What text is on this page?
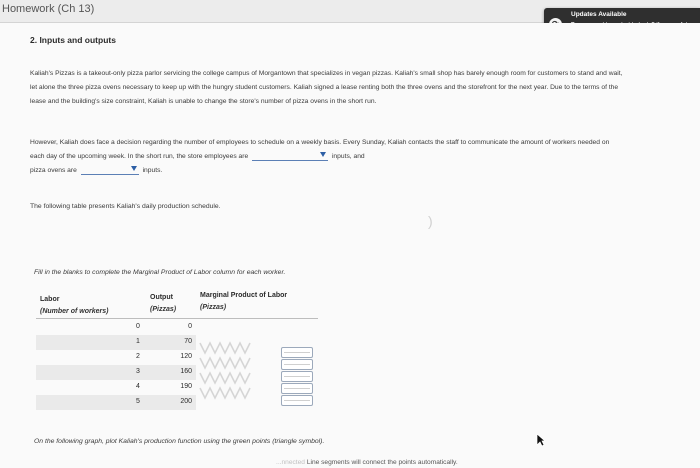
Homework (Ch 13)	Updates Available
2. Inputs and outputs
Kaliah's Pizzas is a takeout-only pizza parlor servicing the college campus of Morgantown that specializes in vegan pizzas. Kaliah's small shop has barely enough room for customers to stand and wait, let alone the three pizza ovens necessary to keep up with the hungry student customers. Kaliah signed a lease renting both the three ovens and the storefront for the next year. Due to the terms of the lease and the building's size constraint, Kaliah is unable to change the store's number of pizza ovens in the short run.
However, Kaliah does face a decision regarding the number of employees to schedule on a weekly basis. Every Sunday, Kaliah contacts the staff to communicate the amount of workers needed on each day of the upcoming week. In the short run, the store employees are	inputs, and
pizza ovens are	inputs.
The following table presents Kaliah's daily production schedule.
)
Fill in the blanks to complete the Marginal Product of Labor column for each worker.
Labor
(Number of workers)
Output
(Pizzas)
Marginal Product of Labor
(Pizzas)
0	0
1	70
2	120
3	160
4	190
5	200
On the following graph, plot Kaliah's production function using the green points (triangle symbol).
...nnected Line segments will connect the points automatically.
